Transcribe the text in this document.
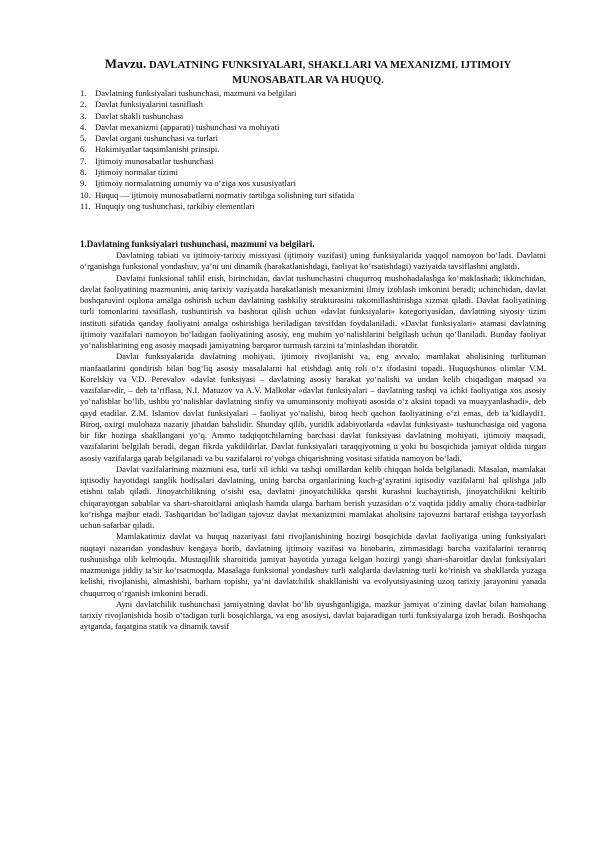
Mavzu. DAVLATNING FUNKSIYALARI, SHAKLLARI VA MEXANIZMI. IJTIMOIY
MUNOSABATLAR VA HUQUQ.
1. Davlatning funksiyalari tushunchasi, mazmuni va belgilari
2. Davlat funksiyalarini tasniflash
3. Davlat shakli tushunchasi
4. Davlat mexanizmi (apparati) tushunchasi va mohiyati
5. Davlat organi tushunchasi va turlari
6. Hokimiyatlar taqsimlanishi prinsipi.
7. Ijtimoiy munosabatlar tushunchasi
8. Ijtimoiy normalar tizimi
9. Ijtimoiy normalarning umumiy va o‘ziga xos xususiyatlari
10. Huquq — ijtimoiy munosabatlarni normativ tartibga solishning turi sifatida
11. Huquqiy ong tushunchasi, tarkibiy elementlari
1.Davlatning funksiyalari tushunchasi, mazmuni va belgilari.

Davlatning tabiati va ijtimoiy-tarixiy missiyasi (ijtimoiy vazifasi) uning funksiyalarida yaqqol namoyon bo‘ladi. Davlatni o‘rganishga funksional yondashuv, ya’ni uni dinamik (harakatlanishdagi, faoliyat ko‘rsatishdagi) vaziyatda tavsiflashni anglatdi.

Davlatni funksional tahlil etish, birinchidan, davlat tushunchasini chuqurroq mushohadalashga ko‘maklashadi; ikkinchidan, davlat faoliyatining mazmunini, aniq tarixiy vaziyatda harakatlanish mexanizmini ilmiy izohlash imkonini beradi; uchinchidan, davlat boshqaruvini oqilona amalga oshirish uchun davlatning tashkiliy strukturasini takomillashtirishga xizmat qiladi. Davlat faoliyatining turli tomonlarini tavsiflash, tushuntirish va bashorat qilish uchun «davlat funksiyalari» kategoriyasidan, davlatning siyosiy tizim instituti sifatida qanday faoliyatni amalga oshirishiga beriladigan tavsifdan foydalaniladi. «Davlat funksiyalari» atamasi davlatning ijtimoiy vazifalari namoyon bo‘ladigan faoliyatining asosiy, eng muhim yo‘nalishlarini belgilash uchun qo‘llaniladi. Bunday faoliyat yo‘nalishlarining eng asosiy maqsadi jamiyatning barqaror turmush tarzini ta’minlashdan iboratdir.

Davlat funksiyalarida davlatning mohiyati, ijtimoiy rivojlanishi va, eng avvalo, mamlakat aholisining turlituman manfaatlarini qondirish bilan bog‘liq asosiy masalalarni hal etishdagi aniq roli o‘z ifodasini topadi. Huquqshunos olimlar V.M. Korelskiy va V.D. Perevalov «davlat funksiyasi – davlatning asosiy harakat yo‘nalishi va undan kelib chiqadigan maqsad va vazifalar»dir, – deb ta’riflasa, N.I. Matuzov va A.V. Malkolar «davlat funksiyalari – davlatning tashqi va ichki faoliyatiga xos asosiy yo‘nalishlar bo‘lib, ushbu yo‘nalishlar davlatning sinfiy va umuminsoniy mohiyati asosida o‘z aksini topadi va muayyanlashadi», deb qayd etadilar. Z.M. Islamov davlat funksiyalari – faoliyat yo‘nalishi, biroq hech qachon faoliyatining o‘zi emas, deb ta’kidlaydi1. Biroq, oxirgi mulohaza nazariy jihatdan bahslidir. Shunday qilib, yuridik adabiyotlarda «davlat funksiyasi» tushunchasiga oid yagona bir fikr hozirga shakllangani yo‘q. Ammo tadqiqotchilarning barchasi davlat funksiyasi davlatning mohiyati, ijtimoiy maqsadi, vazifalarini belgilab beradi, degan fikrda yakdildirlar. Davlat funksiyalari taraqqiyotning u yoki bu bosqichida jamiyat oldida turgan asosiy vazifalarga qarab belgilanadi va bu vazifalarni ro‘yobga chiqarishning vositasi sifatida namoyon bo‘ladi.

Davlat vazifalarining mazmuni esa, turli xil ichki va tashqi omillardan kelib chiqqan holda belgilanadi. Masalan, mamlakat iqtisodiy hayotidagi tanglik hodisalari davlatning, uning barcha organlarining kuch-g‘ayratini iqtisodiy vazifalarni hal qilishga jalb etishni talab qiladi. Jinoyatchilikning o‘sishi esa, davlatni jinoyatchilikka qarshi kurashni kuchaytirish, jinoyatchilikni keltirib chiqarayotgan sabablar va shart-sharoitlarni aniqlash hamda ularga barham berish yuzasidan o‘z vaqtida jiddiy amaliy chora-tadbirlar ko‘rishga majbur etadi. Tashqaridan bo‘ladigan tajovuz davlat mexanizmini mamlakat aholisini tajovuzni bartaraf etishga tayyorlash uchun safarbar qiladi.

Mamlakatimiz davlat va huquq nazariyasi fani rivojlanishining hozirgi bosqichida davlat faoliyatiga uning funksiyalari nuqtayi nazaridan yondashuv kengaya borib, davlatning ijtimoiy vazifasi va binobarin, zimmasidagi barcha vazifalarini teranroq tushunishga olib kelmoqda. Mustaqillik sharoitida jamiyat hayotida yuzaga kelgan hozirgi yangi shart-sharoitlar davlat funksiyalari mazmuniga jiddiy ta’sir ko‘rsatmoqda. Masalaga funksional yondashuv turli xalqlarda davlatning turli ko‘rinish va shakllarda yuzaga kelishi, rivojlanishi, almashishi, barham topishi, ya’ni davlatchilik shakllanishi va evolyutsiyasining uzoq tarixiy jarayonini yanada chuqurroq o‘rganish imkonini beradi.

Ayni davlatchilik tushunchasi jamiyatning davlat bo‘lib uyushganligiga, mazkur jamiyat o‘zining davlat bilan hamohang tarixiy rivojlanishida bosib o‘tadigan turli bosqichlarga, va eng asosiysi, davlat bajaradigan turli funksiyalarga izoh beradi. Boshqacha aytganda, faqatgina statik va dinamik tavsif
